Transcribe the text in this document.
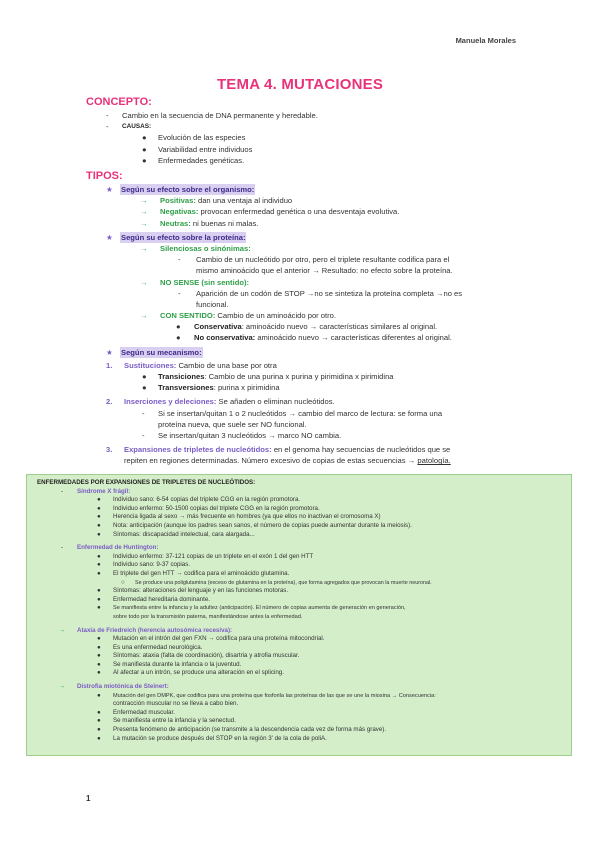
Manuela Morales
TEMA 4. MUTACIONES
CONCEPTO:
- Cambio en la secuencia de DNA permanente y heredable.
- CAUSAS:
● Evolución de las especies
● Variabilidad entre individuos
● Enfermedades genéticas.
TIPOS:
★ Según su efecto sobre el organismo:
→ Positivas: dan una ventaja al individuo
→ Negativas: provocan enfermedad genética o una desventaja evolutiva.
→ Neutras: ni buenas ni malas.
★ Según su efecto sobre la proteína:
→ Silenciosas o sinónimas:
- Cambio de un nucleótido por otro, pero el triplete resultante codifica para el
mismo aminoácido que el anterior → Resultado: no efecto sobre la proteína.
→ NO SENSE (sin sentido):
- Aparición de un codón de STOP →no se sintetiza la proteína completa →no es
funcional.
→ CON SENTIDO: Cambio de un aminoácido por otro.
● Conservativa: aminoácido nuevo → características similares al original.
● No conservativa: aminoácido nuevo → características diferentes al original.
★ Según su mecanismo:
1. Sustituciones: Cambio de una base por otra
● Transiciones: Cambio de una purina x purina y pirimidina x pirimidina
● Transversiones: purina x pirimidina
2. Inserciones y deleciones: Se añaden o eliminan nucleótidos.
- Si se insertan/quitan 1 o 2 nucleótidos → cambio del marco de lectura: se forma una
proteína nueva, que suele ser NO funcional.
- Se insertan/quitan 3 nucleótidos → marco NO cambia.
3. Expansiones de tripletes de nucleótidos: en el genoma hay secuencias de nucleótidos que se
repiten en regiones determinadas. Número excesivo de copias de estas secuencias → patología.
ENFERMEDADES POR EXPANSIONES DE TRIPLETES DE NUCLEÓTIDOS:
- Síndrome X frágil:
● Individuo sano: 6-54 copias del triplete CGG en la región promotora.
● Individuo enfermo: 50-1500 copias del triplete CGG en la región promotora.
● Herencia ligada al sexo → más frecuente en hombres (ya que ellos no inactivan el cromosoma X)
● Nota: anticipación (aunque los padres sean sanos, el número de copias puede aumentar durante la meiosis).
● Síntomas: discapacidad intelectual, cara alargada...
- Enfermedad de Huntington:
● Individuo enfermo: 37-121 copias de un triplete en el exón 1 del gen HTT
● Individuo sano: 9-37 copias.
● El triplete del gen HTT → codifica para el aminoácido glutamina.
○ Se produce una poliglutamina (exceso de glutamina en la proteína), que forma agregados que provocan la muerte neuronal.
● Síntomas: alteraciones del lenguaje y en las funciones motoras.
● Enfermedad hereditaria dominante.
● Se manifiesta entre la infancia y la adultez (anticipación). El número de copias aumenta de generación en generación,
sobre todo por la transmisión paterna, manifestándose antes la enfermedad.
→ Ataxia de Friedreich (herencia autosómica recesiva):
● Mutación en el intrón del gen FXN → codifica para una proteína mitocondrial.
● Es una enfermedad neurológica.
● Síntomas: ataxia (falta de coordinación), disartria y atrofia muscular.
● Se manifiesta durante la infancia o la juventud.
● Al afectar a un intrón, se produce una alteración en el splicing.
→ Distrofia miotónica de Steinert:
● Mutación del gen DMPK, que codifica para una proteína que fosforila las proteínas de las que se une la miosina → Consecuencia:
contracción muscular no se lleva a cabo bien.
● Enfermedad muscular.
● Se manifiesta entre la infancia y la senectud.
● Presenta fenómeno de anticipación (se transmite a la descendencia cada vez de forma más grave).
● La mutación se produce después del STOP en la región 3' de la cola de poliA.
1
